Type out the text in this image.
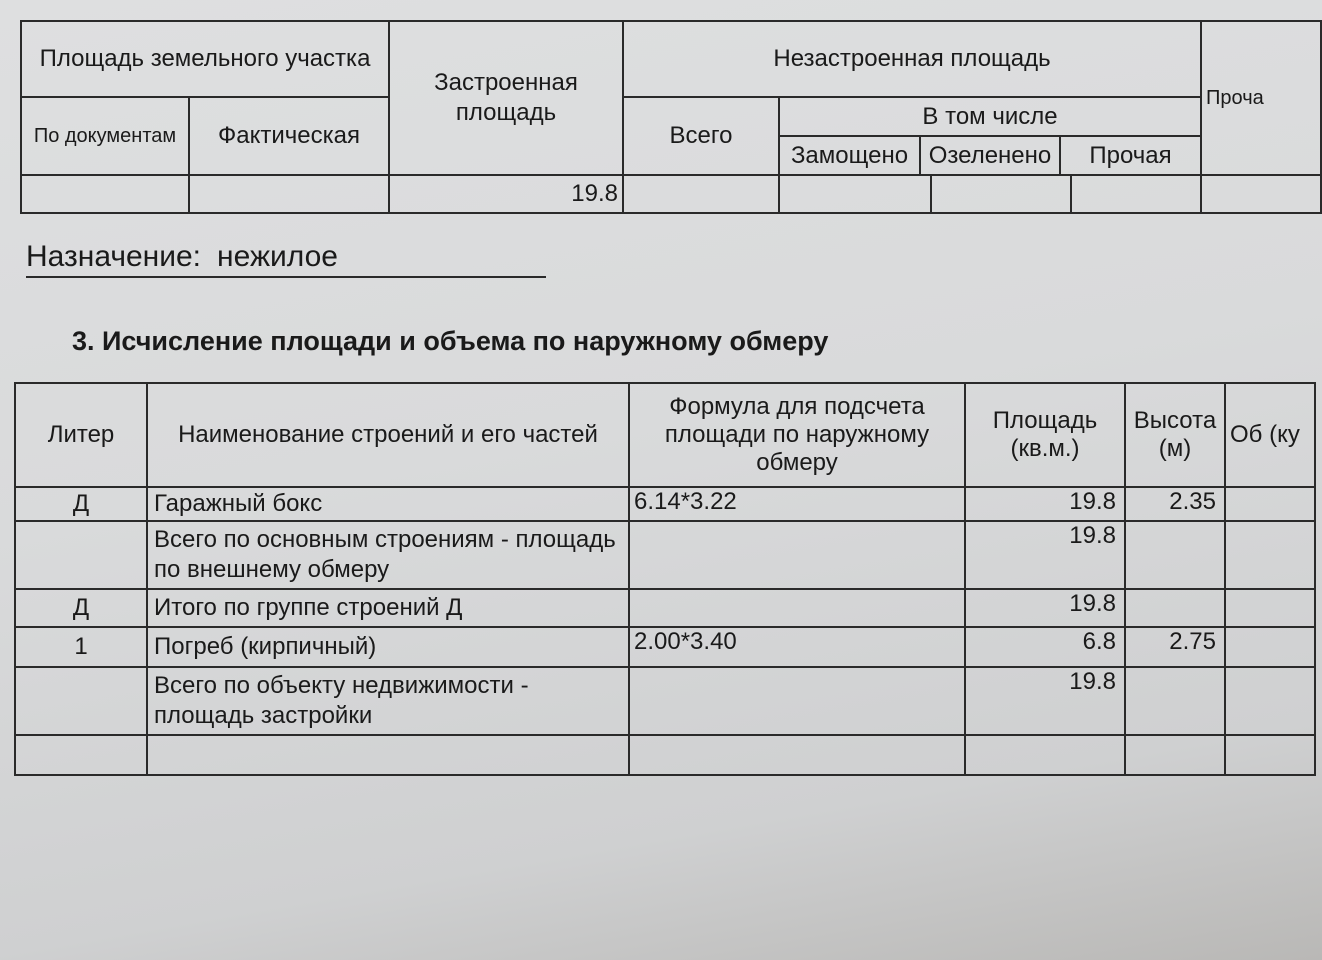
Площадь земельного участка	Застроенная площадь	Незастроенная площадь	Проча
По документам	Фактическая	Всего	
В том числе
Замощено	Озеленено	Прочая

		19.8					
Назначение: нежилое
3. Исчисление площади и объема по наружному обмеру
Литер	Наименование строений и его частей	Формула для подсчета площади по наружному обмеру	Площадь (кв.м.)	Высота (м)	Об (ку
Д	Гаражный бокс	6.14*3.22	19.8	2.35	
	Всего по основным строениям - площадь по внешнему обмеру		19.8		
Д	Итого по группе строений Д		19.8		
1	Погреб (кирпичный)	2.00*3.40	6.8	2.75	
	Всего по объекту недвижимости - площадь застройки		19.8		
